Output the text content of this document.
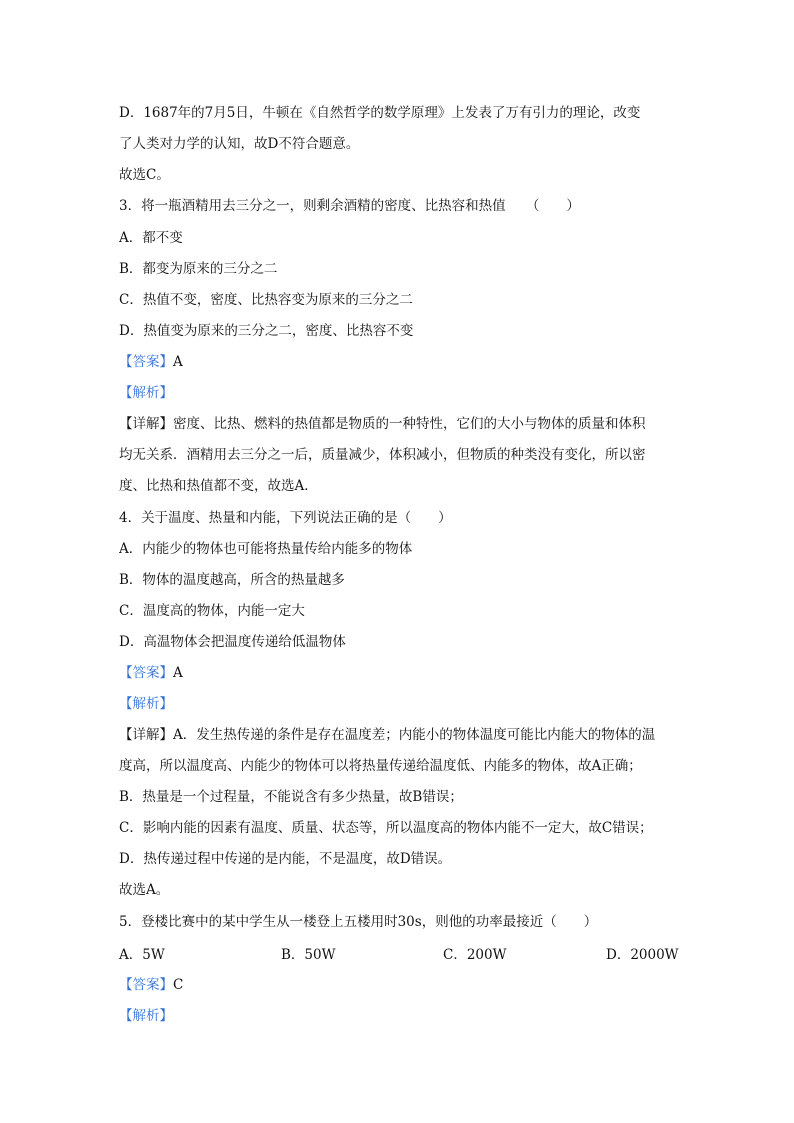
D．1687年的7月5日，牛顿在《自然哲学的数学原理》上发表了万有引力的理论，改变
了人类对力学的认知，故D不符合题意。
故选C。
3．将一瓶酒精用去三分之一，则剩余酒精的密度、比热容和热值　　（　　）
A．都不变
B．都变为原来的三分之二
C．热值不变，密度、比热容变为原来的三分之二
D．热值变为原来的三分之二，密度、比热容不变
【答案】A
【解析】
【详解】密度、比热、燃料的热值都是物质的一种特性，它们的大小与物体的质量和体积
均无关系．酒精用去三分之一后，质量减少，体积减小，但物质的种类没有变化，所以密
度、比热和热值都不变，故选A．
4．关于温度、热量和内能，下列说法正确的是（　　）
A．内能少的物体也可能将热量传给内能多的物体
B．物体的温度越高，所含的热量越多
C．温度高的物体，内能一定大
D．高温物体会把温度传递给低温物体
【答案】A
【解析】
【详解】A．发生热传递的条件是存在温度差；内能小的物体温度可能比内能大的物体的温
度高，所以温度高、内能少的物体可以将热量传递给温度低、内能多的物体，故A正确；
B．热量是一个过程量，不能说含有多少热量，故B错误；
C．影响内能的因素有温度、质量、状态等，所以温度高的物体内能不一定大，故C错误；
D．热传递过程中传递的是内能，不是温度，故D错误。
故选A。
5．登楼比赛中的某中学生从一楼登上五楼用时30s，则他的功率最接近（　　）
A．5W	B．50W	C．200W	D．2000W
【答案】C
【解析】
